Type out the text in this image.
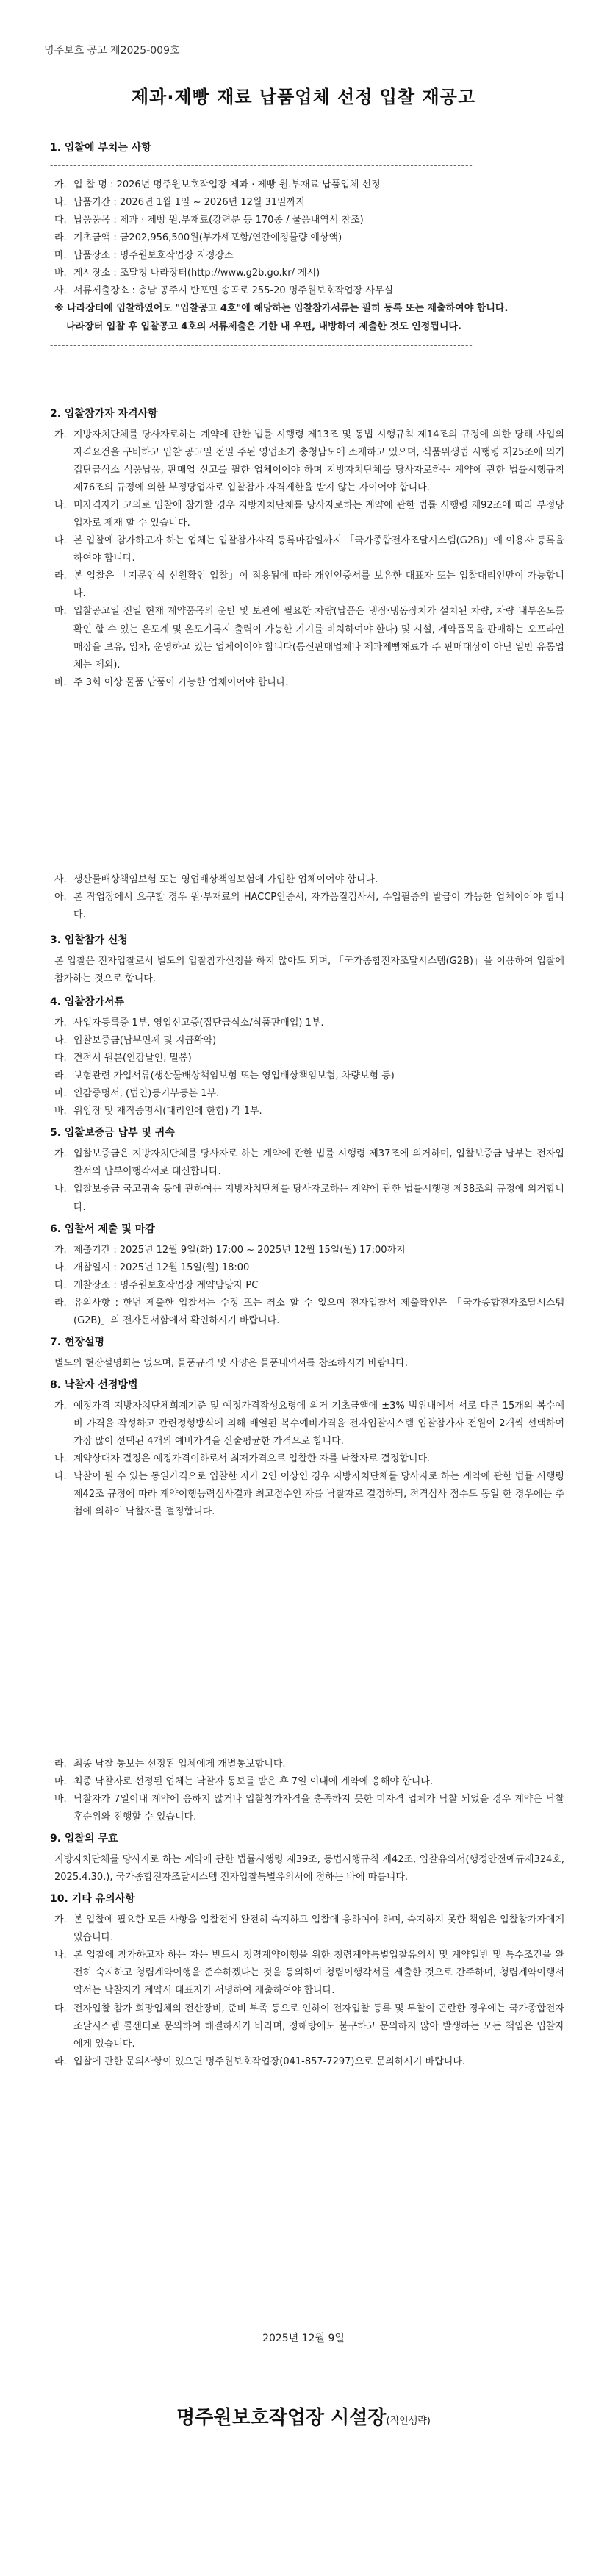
명주보호 공고 제2025-009호
제과·제빵 재료 납품업체 선정 입찰 재공고
1. 입찰에 부치는 사항
------------------------------------------------------------------------------------------------------------
가. 입 찰 명 : 2026년 명주원보호작업장 제과 · 제빵 원.부재료 납품업체 선정
나. 납품기간 : 2026년 1월 1일 ~ 2026년 12월 31일까지
다. 납품품목 : 제과 · 제빵 원.부재료(강력분 등 170종 / 물품내역서 참조)
라. 기초금액 : 금202,956,500원(부가세포함/연간예정물량 예상액)
마. 납품장소 : 명주원보호작업장 지정장소
바. 게시장소 : 조달청 나라장터(http://www.g2b.go.kr/ 게시)
사. 서류제출장소 : 충남 공주시 반포면 송곡로 255-20 명주원보호작업장 사무실
※ 나라장터에 입찰하였어도 "입찰공고 4호"에 해당하는 입찰참가서류는 필히 등록 또는 제출하여야 합니다.
나라장터 입찰 후 입찰공고 4호의 서류제출은 기한 내 우편, 내방하여 제출한 것도 인정됩니다.
------------------------------------------------------------------------------------------------------------
2. 입찰참가자 자격사항
가. 지방자치단체를 당사자로하는 계약에 관한 법률 시행령 제13조 및 동법 시행규칙 제14조의 규정에 의한 당해 사업의 자격요건을 구비하고 입찰 공고일 전일 주된 영업소가 충청남도에 소재하고 있으며, 식품위생법 시행령 제25조에 의거 집단급식소 식품납품, 판매업 신고를 필한 업체이어야 하며 지방자치단체를 당사자로하는 계약에 관한 법률시행규칙 제76조의 규정에 의한 부정당업자로 입찰참가 자격제한을 받지 않는 자이어야 합니다.
나. 미자격자가 고의로 입찰에 참가할 경우 지방자치단체를 당사자로하는 계약에 관한 법률 시행령 제92조에 따라 부정당업자로 제재 할 수 있습니다.
다. 본 입찰에 참가하고자 하는 업체는 입찰참가자격 등록마감일까지 「국가종합전자조달시스템(G2B)」에 이용자 등록을 하여야 합니다.
라. 본 입찰은 「지문인식 신원확인 입찰」이 적용됨에 따라 개인인증서를 보유한 대표자 또는 입찰대리인만이 가능합니다.
마. 입찰공고일 전일 현재 계약품목의 운반 및 보관에 필요한 차량(납품은 냉장·냉동장치가 설치된 차량, 차량 내부온도를 확인 할 수 있는 온도계 및 온도기록지 출력이 가능한 기기를 비치하여야 한다) 및 시설, 계약품목을 판매하는 오프라인 매장을 보유, 임차, 운영하고 있는 업체이어야 합니다(통신판매업체나 제과제빵재료가 주 판매대상이 아닌 일반 유통업체는 제외).
바. 주 3회 이상 물품 납품이 가능한 업체이어야 합니다.
사. 생산물배상책임보험 또는 영업배상책임보험에 가입한 업체이어야 합니다.
아. 본 작업장에서 요구할 경우 원·부재료의 HACCP인증서, 자가품질검사서, 수입필증의 발급이 가능한 업체이어야 합니다.
3. 입찰참가 신청
본 입찰은 전자입찰로서 별도의 입찰참가신청을 하지 않아도 되며, 「국가종합전자조달시스템(G2B)」을 이용하여 입찰에 참가하는 것으로 합니다.
4. 입찰참가서류
가. 사업자등록증 1부, 영업신고증(집단급식소/식품판매업) 1부.
나. 입찰보증금(납부면제 및 지급확약)
다. 견적서 원본(인감날인, 밀봉)
라. 보험관련 가입서류(생산물배상책임보험 또는 영업배상책임보험, 차량보험 등)
마. 인감증명서, (법인)등기부등본 1부.
바. 위임장 및 재직증명서(대리인에 한함) 각 1부.
5. 입찰보증금 납부 및 귀속
가. 입찰보증금은 지방자치단체를 당사자로 하는 계약에 관한 법률 시행령 제37조에 의거하며, 입찰보증금 납부는 전자입찰서의 납부이행각서로 대신합니다.
나. 입찰보증금 국고귀속 등에 관하여는 지방자치단체를 당사자로하는 계약에 관한 법률시행령 제38조의 규정에 의거합니다.
6. 입찰서 제출 및 마감
가. 제출기간 : 2025년 12월 9일(화) 17:00 ~ 2025년 12월 15일(월) 17:00까지
나. 개찰일시 : 2025년 12월 15일(월) 18:00
다. 개찰장소 : 명주원보호작업장 계약담당자 PC
라. 유의사항 : 한번 제출한 입찰서는 수정 또는 취소 할 수 없으며 전자입찰서 제출확인은 「국가종합전자조달시스템(G2B)」의 전자문서함에서 확인하시기 바랍니다.
7. 현장설명
별도의 현장설명회는 없으며, 물품규격 및 사양은 물품내역서를 참조하시기 바랍니다.
8. 낙찰자 선정방법
가. 예정가격 지방자치단체회계기준 및 예정가격작성요령에 의거 기초금액에 ±3% 범위내에서 서로 다른 15개의 복수예비 가격을 작성하고 관련정형방식에 의해 배열된 복수예비가격을 전자입찰시스템 입찰참가자 전원이 2개씩 선택하여 가장 많이 선택된 4개의 예비가격을 산술평균한 가격으로 합니다.
나. 계약상대자 결정은 예정가격이하로서 최저가격으로 입찰한 자를 낙찰자로 결정합니다.
다. 낙찰이 될 수 있는 동일가격으로 입찰한 자가 2인 이상인 경우 지방자치단체를 당사자로 하는 계약에 관한 법률 시행령 제42조 규정에 따라 계약이행능력심사결과 최고점수인 자를 낙찰자로 결정하되, 적격심사 점수도 동일 한 경우에는 추첨에 의하여 낙찰자를 결정합니다.
라. 최종 낙찰 통보는 선정된 업체에게 개별통보합니다.
마. 최종 낙찰자로 선정된 업체는 낙찰자 통보를 받은 후 7일 이내에 계약에 응해야 합니다.
바. 낙찰자가 7일이내 계약에 응하지 않거나 입찰참가자격을 충족하지 못한 미자격 업체가 낙찰 되었을 경우 계약은 낙찰 후순위와 진행할 수 있습니다.
9. 입찰의 무효
지방자치단체를 당사자로 하는 계약에 관한 법률시행령 제39조, 동법시행규칙 제42조, 입찰유의서(행정안전예규제324호, 2025.4.30.), 국가종합전자조달시스템 전자입찰특별유의서에 정하는 바에 따릅니다.
10. 기타 유의사항
가. 본 입찰에 필요한 모든 사항을 입찰전에 완전히 숙지하고 입찰에 응하여야 하며, 숙지하지 못한 책임은 입찰참가자에게 있습니다.
나. 본 입찰에 참가하고자 하는 자는 반드시 청렴계약이행을 위한 청렴계약특별입찰유의서 및 계약일반 및 특수조건을 완전히 숙지하고 청렴계약이행을 준수하겠다는 것을 동의하여 청렴이행각서를 제출한 것으로 간주하며, 청렴계약이행서약서는 낙찰자가 계약시 대표자가 서명하여 제출하여야 합니다.
다. 전자입찰 참가 희망업체의 전산장비, 준비 부족 등으로 인하여 전자입찰 등록 및 투찰이 곤란한 경우에는 국가종합전자조달시스템 콜센터로 문의하여 해결하시기 바라며, 정해방에도 불구하고 문의하지 않아 발생하는 모든 책임은 입찰자에게 있습니다.
라. 입찰에 관한 문의사항이 있으면 명주원보호작업장(041-857-7297)으로 문의하시기 바랍니다.
2025년 12월 9일
명주원보호작업장 시설장(직인생략)
